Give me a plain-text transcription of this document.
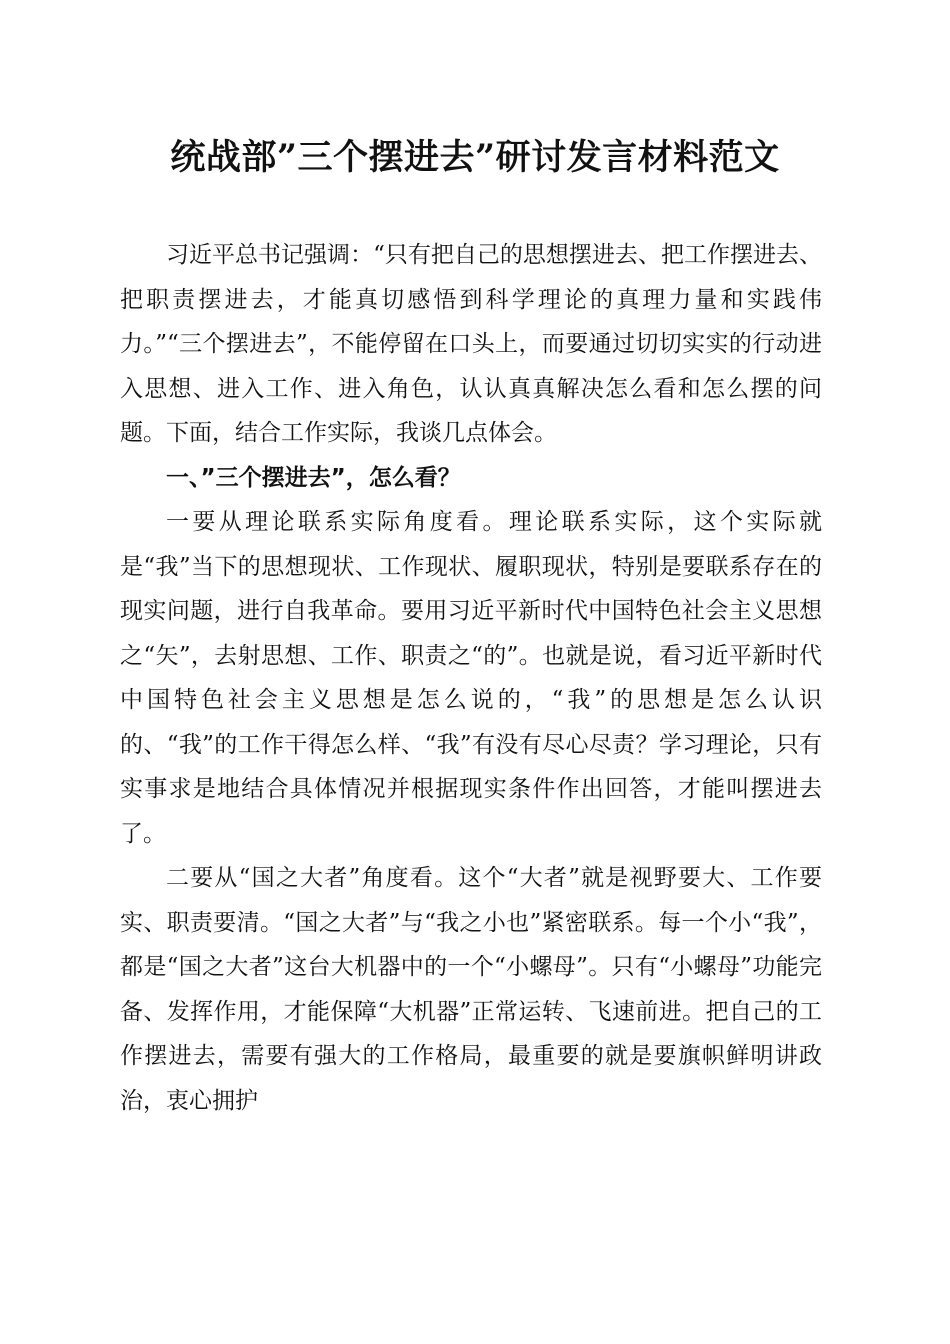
统战部”三个摆进去”研讨发言材料范文

习近平总书记强调：“只有把自己的思想摆进去、把工作摆进去、把职责摆进去，才能真切感悟到科学理论的真理力量和实践伟力。”“三个摆进去”，不能停留在口头上，而要通过切切实实的行动进入思想、进入工作、进入角色，认认真真解决怎么看和怎么摆的问题。下面，结合工作实际，我谈几点体会。

一、”三个摆进去”，怎么看？

一要从理论联系实际角度看。理论联系实际，这个实际就是“我”当下的思想现状、工作现状、履职现状，特别是要联系存在的现实问题，进行自我革命。要用习近平新时代中国特色社会主义思想之“矢”，去射思想、工作、职责之“的”。也就是说，看习近平新时代中国特色社会主义思想是怎么说的，“我”的思想是怎么认识的、“我”的工作干得怎么样、“我”有没有尽心尽责？学习理论，只有实事求是地结合具体情况并根据现实条件作出回答，才能叫摆进去了。

二要从“国之大者”角度看。这个“大者”就是视野要大、工作要实、职责要清。“国之大者”与“我之小也”紧密联系。每一个小“我”，都是“国之大者”这台大机器中的一个“小螺母”。只有“小螺母”功能完备、发挥作用，才能保障“大机器”正常运转、飞速前进。把自己的工作摆进去，需要有强大的工作格局，最重要的就是要旗帜鲜明讲政治，衷心拥护
